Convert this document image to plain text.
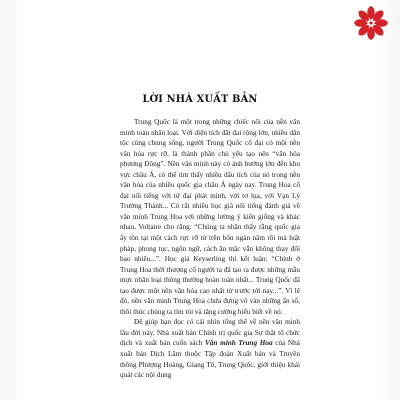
LỜI NHÀ XUẤT BẢN

Trung Quốc là một trong những chiếc nôi của nền văn minh toàn nhân loại. Với diện tích đất đai rộng lớn, nhiều dân tộc cùng chung sống, người Trung Quốc cổ đại có một nền văn hóa rực rỡ, là thành phần chủ yếu tạo nên “văn hóa phương Đông”. Nền văn minh này có ảnh hưởng lớn đến khu vực châu Á, có thể tìm thấy nhiều dấu tích của nó trong nền văn hóa của nhiều quốc gia châu Á ngày nay. Trung Hoa cổ đại nổi tiếng với tứ đại phát minh, với tơ lụa, với Vạn Lý Trường Thành... Có rất nhiều học giả nổi tiếng đánh giá về văn minh Trung Hoa với những lường ý kiến giống và khác nhau, Voltaire cho rằng: “Chúng ta nhận thấy rằng quốc gia ấy tồn tại một cách rực rỡ từ trên bốn ngàn năm rồi mà luật pháp, phong tục, ngôn ngữ, cách ăn mặc vẫn không thay đổi bao nhiêu...”. Học giả Keyserling thì kết luận: “Chính ở Trung Hoa thời thượng cổ người ta đã tạo ra được những mẫu mực nhân loại thông thường hoàn toàn nhất... Trung Quốc đã tạo được một nền văn hóa cao nhất từ trước tới nay...”. Vì lẽ đó, nền văn minh Trung Hoa chứa đựng vô vàn những ẩn số, thôi thúc chúng ta tìm tòi và tăng cường hiểu biết về nó.

Để giúp bạn đọc có cái nhìn tổng thể về nền văn minh lâu đời này, Nhà xuất bản Chính trị quốc gia Sự thật tổ chức dịch và xuất bản cuốn sách Văn minh Trung Hoa của Nhà xuất bản Dịch Lâm thuộc Tập đoàn Xuất bản và Truyền thông Phượng Hoàng, Giang Tô, Trung Quốc, giới thiệu khái quát các nội dung
